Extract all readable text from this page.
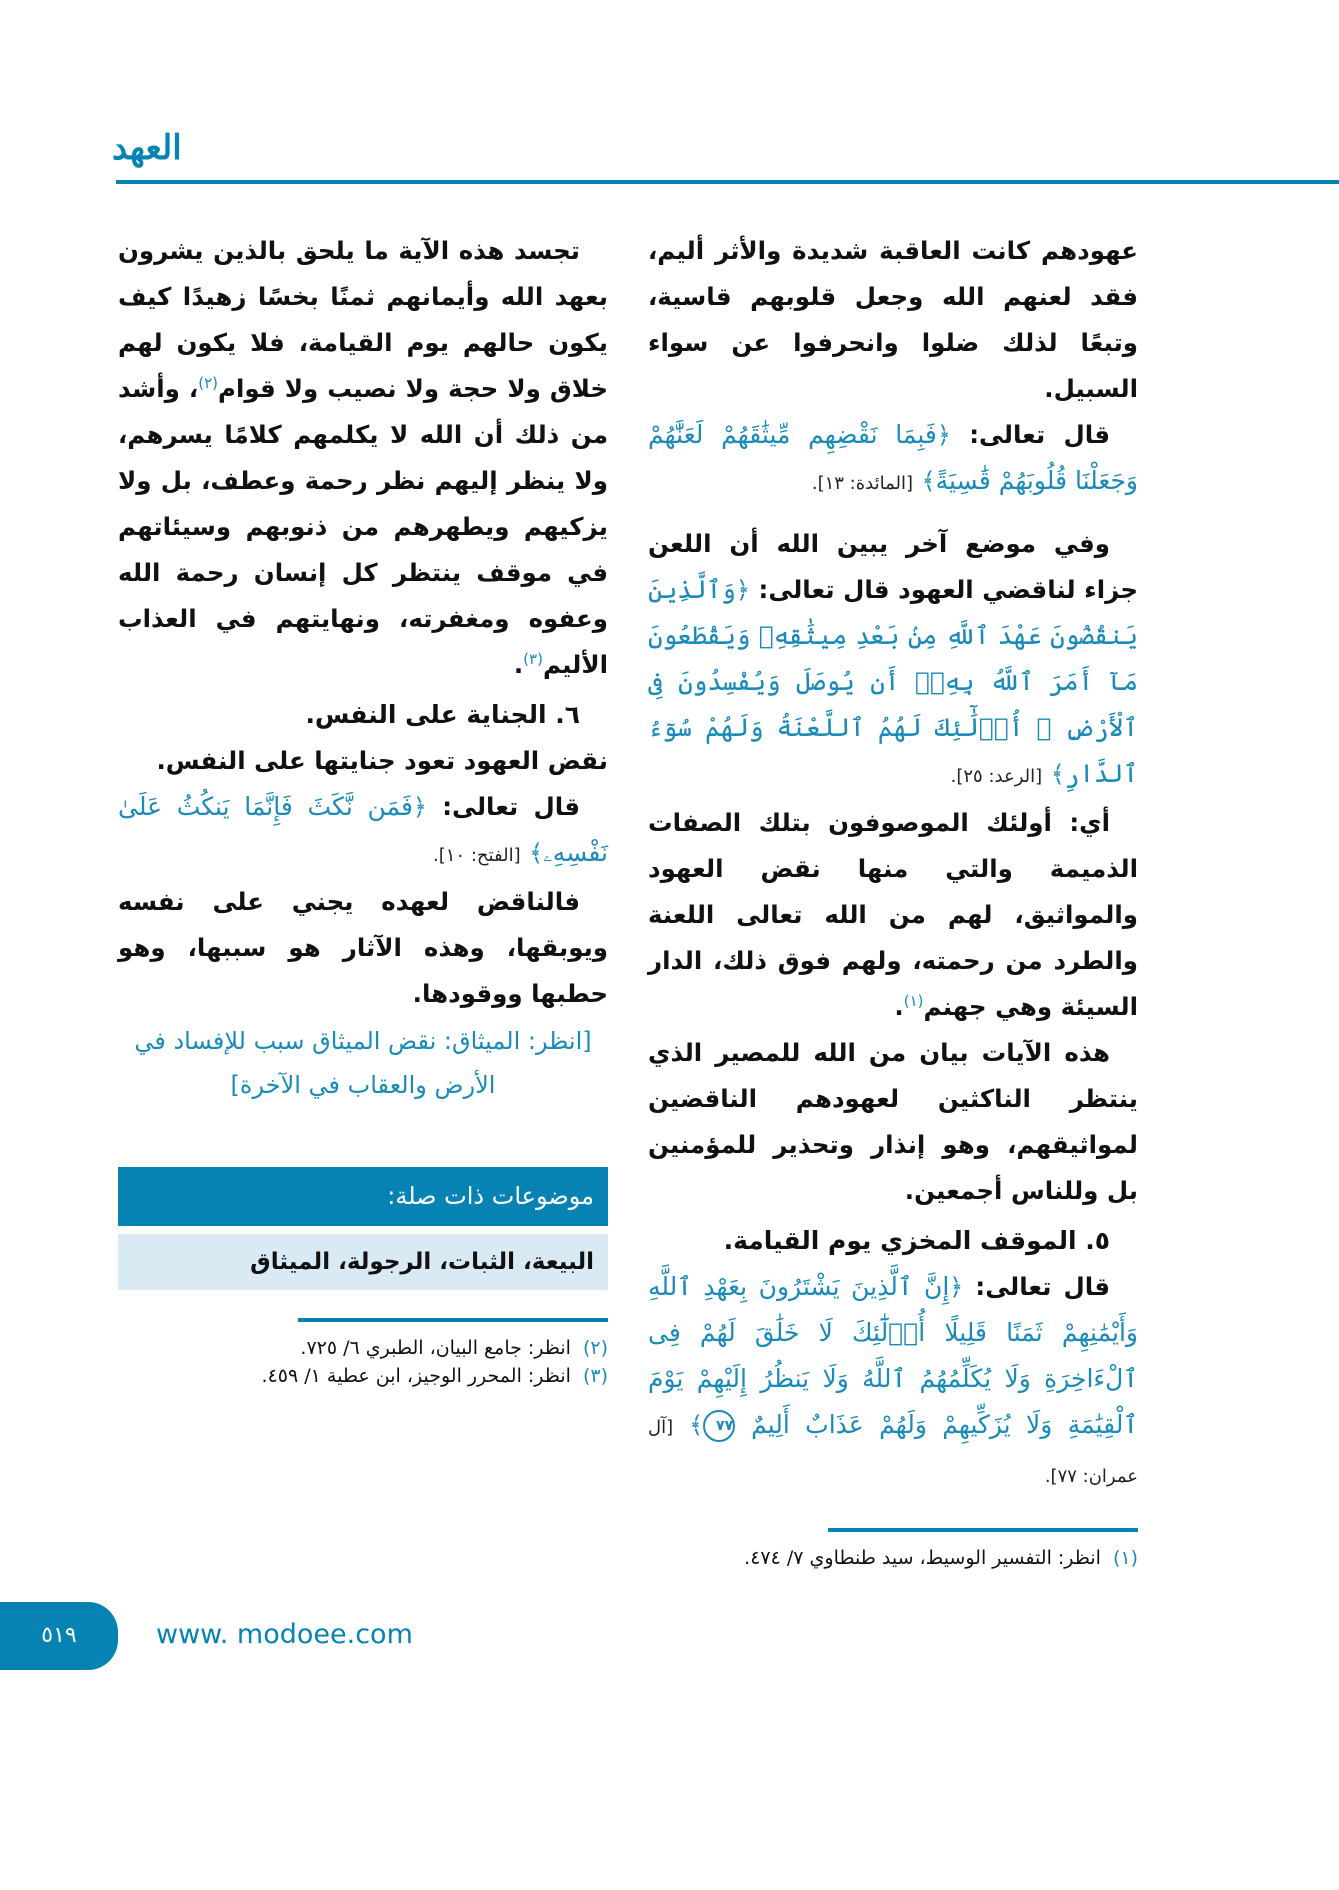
العهد

عهودهم كانت العاقبة شديدة والأثر أليم، فقد لعنهم الله وجعل قلوبهم قاسية، وتبعًا لذلك ضلوا وانحرفوا عن سواء السبيل.

قال تعالى: ﴿فَبِمَا نَقْضِهِم مِّيثَٰقَهُمْ لَعَنَّٰهُمْ وَجَعَلْنَا قُلُوبَهُمْ قَٰسِيَةً﴾ [المائدة: ١٣].

وفي موضع آخر يبين الله أن اللعن جزاء لناقضي العهود قال تعالى: ﴿وَٱلَّذِينَ يَنقُضُونَ عَهْدَ ٱللَّهِ مِنۢ بَعْدِ مِيثَٰقِهِۦ وَيَقْطَعُونَ مَآ أَمَرَ ٱللَّهُ بِهِۦٓ أَن يُوصَلَ وَيُفْسِدُونَ فِى ٱلْأَرْضِ ۙ أُو۟لَٰٓئِكَ لَهُمُ ٱللَّعْنَةُ وَلَهُمْ سُوٓءُ ٱلدَّارِ﴾ [الرعد: ٢٥].

أي: أولئك الموصوفون بتلك الصفات الذميمة والتي منها نقض العهود والمواثيق، لهم من الله تعالى اللعنة والطرد من رحمته، ولهم فوق ذلك، الدار السيئة وهي جهنم$^{(١)}$.

هذه الآيات بيان من الله للمصير الذي ينتظر الناكثين لعهودهم الناقضين لمواثيقهم، وهو إنذار وتحذير للمؤمنين بل وللناس أجمعين.

٥. الموقف المخزي يوم القيامة.

قال تعالى: ﴿إِنَّ ٱلَّذِينَ يَشْتَرُونَ بِعَهْدِ ٱللَّهِ وَأَيْمَٰنِهِمْ ثَمَنًا قَلِيلًا أُو۟لَٰٓئِكَ لَا خَلَٰقَ لَهُمْ فِى ٱلْءَاخِرَةِ وَلَا يُكَلِّمُهُمُ ٱللَّهُ وَلَا يَنظُرُ إِلَيْهِمْ يَوْمَ ٱلْقِيَٰمَةِ وَلَا يُزَكِّيهِمْ وَلَهُمْ عَذَابٌ أَلِيمٌ ٧٧﴾ [آل عمران: ٧٧].

(١)انظر: التفسير الوسيط، سيد طنطاوي ٧/ ٤٧٤.

تجسد هذه الآية ما يلحق بالذين يشرون بعهد الله وأيمانهم ثمنًا بخسًا زهيدًا كيف يكون حالهم يوم القيامة، فلا يكون لهم خلاق ولا حجة ولا نصيب ولا قوام$^{(٢)}$، وأشد من ذلك أن الله لا يكلمهم كلامًا يسرهم، ولا ينظر إليهم نظر رحمة وعطف، بل ولا يزكيهم ويطهرهم من ذنوبهم وسيئاتهم في موقف ينتظر كل إنسان رحمة الله وعفوه ومغفرته، ونهايتهم في العذاب الأليم$^{(٣)}$.

٦. الجناية على النفس.

نقض العهود تعود جنايتها على النفس.

قال تعالى: ﴿فَمَن نَّكَثَ فَإِنَّمَا يَنكُثُ عَلَىٰ نَفْسِهِۦ﴾ [الفتح: ١٠].

فالناقض لعهده يجني على نفسه ويوبقها، وهذه الآثار هو سببها، وهو حطبها ووقودها.

[انظر: الميثاق: نقض الميثاق سبب للإفساد في الأرض والعقاب في الآخرة]

موضوعات ذات صلة:
البيعة، الثبات، الرجولة، الميثاق
(٢)انظر: جامع البيان، الطبري ٦/ ٧٢٥.
(٣)انظر: المحرر الوجيز، ابن عطية ١/ ٤٥٩.
٥١٩	www. modoee.com
